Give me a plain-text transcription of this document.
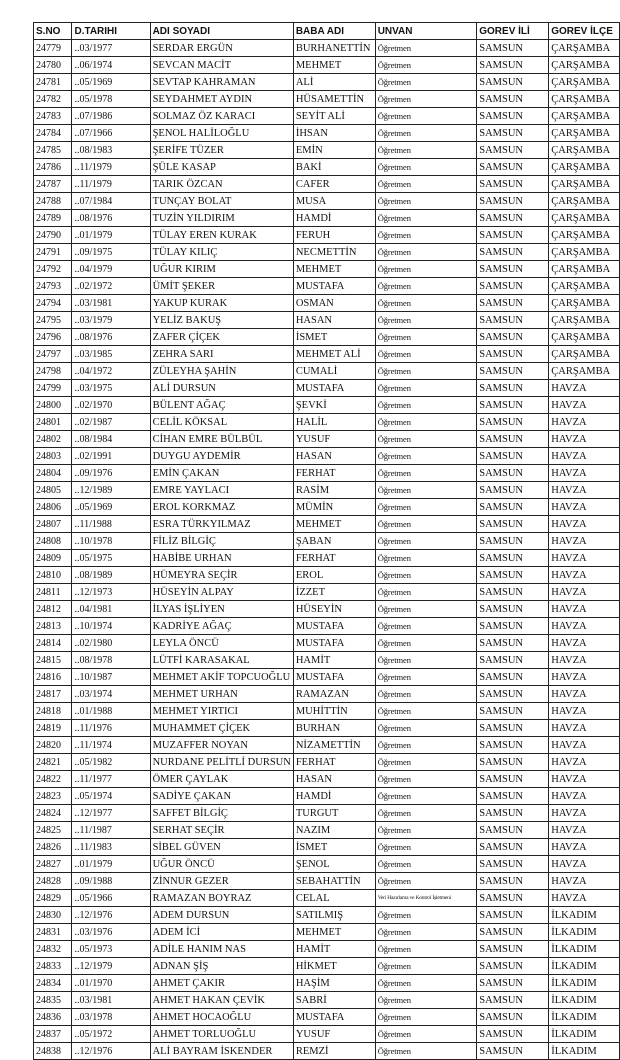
S.NO	D.TARIHI	ADI SOYADI	BABA ADI	UNVAN	GOREV İLİ	GOREV İLÇE
24779	..03/1977	SERDAR ERGÜN	BURHANETTİN	Öğretmen	SAMSUN	ÇARŞAMBA
24780	..06/1974	SEVCAN MACİT	MEHMET	Öğretmen	SAMSUN	ÇARŞAMBA
24781	..05/1969	SEVTAP KAHRAMAN	ALİ	Öğretmen	SAMSUN	ÇARŞAMBA
24782	..05/1978	SEYDAHMET AYDIN	HÜSAMETTİN	Öğretmen	SAMSUN	ÇARŞAMBA
24783	..07/1986	SOLMAZ ÖZ KARACI	SEYİT ALİ	Öğretmen	SAMSUN	ÇARŞAMBA
24784	..07/1966	ŞENOL HALİLOĞLU	İHSAN	Öğretmen	SAMSUN	ÇARŞAMBA
24785	..08/1983	ŞERİFE TÜZER	EMİN	Öğretmen	SAMSUN	ÇARŞAMBA
24786	..11/1979	ŞÜLE KASAP	BAKİ	Öğretmen	SAMSUN	ÇARŞAMBA
24787	..11/1979	TARIK ÖZCAN	CAFER	Öğretmen	SAMSUN	ÇARŞAMBA
24788	..07/1984	TUNÇAY BOLAT	MUSA	Öğretmen	SAMSUN	ÇARŞAMBA
24789	..08/1976	TUZİN YILDIRIM	HAMDİ	Öğretmen	SAMSUN	ÇARŞAMBA
24790	..01/1979	TÜLAY EREN KURAK	FERUH	Öğretmen	SAMSUN	ÇARŞAMBA
24791	..09/1975	TÜLAY KILIÇ	NECMETTİN	Öğretmen	SAMSUN	ÇARŞAMBA
24792	..04/1979	UĞUR KIRIM	MEHMET	Öğretmen	SAMSUN	ÇARŞAMBA
24793	..02/1972	ÜMİT ŞEKER	MUSTAFA	Öğretmen	SAMSUN	ÇARŞAMBA
24794	..03/1981	YAKUP KURAK	OSMAN	Öğretmen	SAMSUN	ÇARŞAMBA
24795	..03/1979	YELİZ BAKUŞ	HASAN	Öğretmen	SAMSUN	ÇARŞAMBA
24796	..08/1976	ZAFER ÇİÇEK	İSMET	Öğretmen	SAMSUN	ÇARŞAMBA
24797	..03/1985	ZEHRA SARI	MEHMET ALİ	Öğretmen	SAMSUN	ÇARŞAMBA
24798	..04/1972	ZÜLEYHA ŞAHİN	CUMALİ	Öğretmen	SAMSUN	ÇARŞAMBA
24799	..03/1975	ALİ DURSUN	MUSTAFA	Öğretmen	SAMSUN	HAVZA
24800	..02/1970	BÜLENT AĞAÇ	ŞEVKİ	Öğretmen	SAMSUN	HAVZA
24801	..02/1987	CELİL KÖKSAL	HALİL	Öğretmen	SAMSUN	HAVZA
24802	..08/1984	CİHAN EMRE BÜLBÜL	YUSUF	Öğretmen	SAMSUN	HAVZA
24803	..02/1991	DUYGU AYDEMİR	HASAN	Öğretmen	SAMSUN	HAVZA
24804	..09/1976	EMİN ÇAKAN	FERHAT	Öğretmen	SAMSUN	HAVZA
24805	..12/1989	EMRE YAYLACI	RASİM	Öğretmen	SAMSUN	HAVZA
24806	..05/1969	EROL KORKMAZ	MÜMİN	Öğretmen	SAMSUN	HAVZA
24807	..11/1988	ESRA TÜRKYILMAZ	MEHMET	Öğretmen	SAMSUN	HAVZA
24808	..10/1978	FİLİZ BİLGİÇ	ŞABAN	Öğretmen	SAMSUN	HAVZA
24809	..05/1975	HABİBE URHAN	FERHAT	Öğretmen	SAMSUN	HAVZA
24810	..08/1989	HÜMEYRA SEÇİR	EROL	Öğretmen	SAMSUN	HAVZA
24811	..12/1973	HÜSEYİN ALPAY	İZZET	Öğretmen	SAMSUN	HAVZA
24812	..04/1981	İLYAS İŞLİYEN	HÜSEYİN	Öğretmen	SAMSUN	HAVZA
24813	..10/1974	KADRİYE AĞAÇ	MUSTAFA	Öğretmen	SAMSUN	HAVZA
24814	..02/1980	LEYLA ÖNCÜ	MUSTAFA	Öğretmen	SAMSUN	HAVZA
24815	..08/1978	LÜTFİ KARASAKAL	HAMİT	Öğretmen	SAMSUN	HAVZA
24816	..10/1987	MEHMET AKİF TOPCUOĞLU	MUSTAFA	Öğretmen	SAMSUN	HAVZA
24817	..03/1974	MEHMET URHAN	RAMAZAN	Öğretmen	SAMSUN	HAVZA
24818	..01/1988	MEHMET YIRTICI	MUHİTTİN	Öğretmen	SAMSUN	HAVZA
24819	..11/1976	MUHAMMET ÇİÇEK	BURHAN	Öğretmen	SAMSUN	HAVZA
24820	..11/1974	MUZAFFER NOYAN	NİZAMETTİN	Öğretmen	SAMSUN	HAVZA
24821	..05/1982	NURDANE PELİTLİ DURSUN	FERHAT	Öğretmen	SAMSUN	HAVZA
24822	..11/1977	ÖMER ÇAYLAK	HASAN	Öğretmen	SAMSUN	HAVZA
24823	..05/1974	SADİYE ÇAKAN	HAMDİ	Öğretmen	SAMSUN	HAVZA
24824	..12/1977	SAFFET BİLGİÇ	TURGUT	Öğretmen	SAMSUN	HAVZA
24825	..11/1987	SERHAT SEÇİR	NAZIM	Öğretmen	SAMSUN	HAVZA
24826	..11/1983	SİBEL GÜVEN	İSMET	Öğretmen	SAMSUN	HAVZA
24827	..01/1979	UĞUR ÖNCÜ	ŞENOL	Öğretmen	SAMSUN	HAVZA
24828	..09/1988	ZİNNUR GEZER	SEBAHATTİN	Öğretmen	SAMSUN	HAVZA
24829	..05/1966	RAMAZAN BOYRAZ	CELAL	Veri Hazırlama ve Kontrol İşletmeni	SAMSUN	HAVZA
24830	..12/1976	ADEM DURSUN	SATILMIŞ	Öğretmen	SAMSUN	İLKADIM
24831	..03/1976	ADEM İCİ	MEHMET	Öğretmen	SAMSUN	İLKADIM
24832	..05/1973	ADİLE HANIM NAS	HAMİT	Öğretmen	SAMSUN	İLKADIM
24833	..12/1979	ADNAN ŞİŞ	HİKMET	Öğretmen	SAMSUN	İLKADIM
24834	..01/1970	AHMET ÇAKIR	HAŞİM	Öğretmen	SAMSUN	İLKADIM
24835	..03/1981	AHMET HAKAN ÇEVİK	SABRİ	Öğretmen	SAMSUN	İLKADIM
24836	..03/1978	AHMET HOCAOĞLU	MUSTAFA	Öğretmen	SAMSUN	İLKADIM
24837	..05/1972	AHMET TORLUOĞLU	YUSUF	Öğretmen	SAMSUN	İLKADIM
24838	..12/1976	ALİ BAYRAM İSKENDER	REMZİ	Öğretmen	SAMSUN	İLKADIM
